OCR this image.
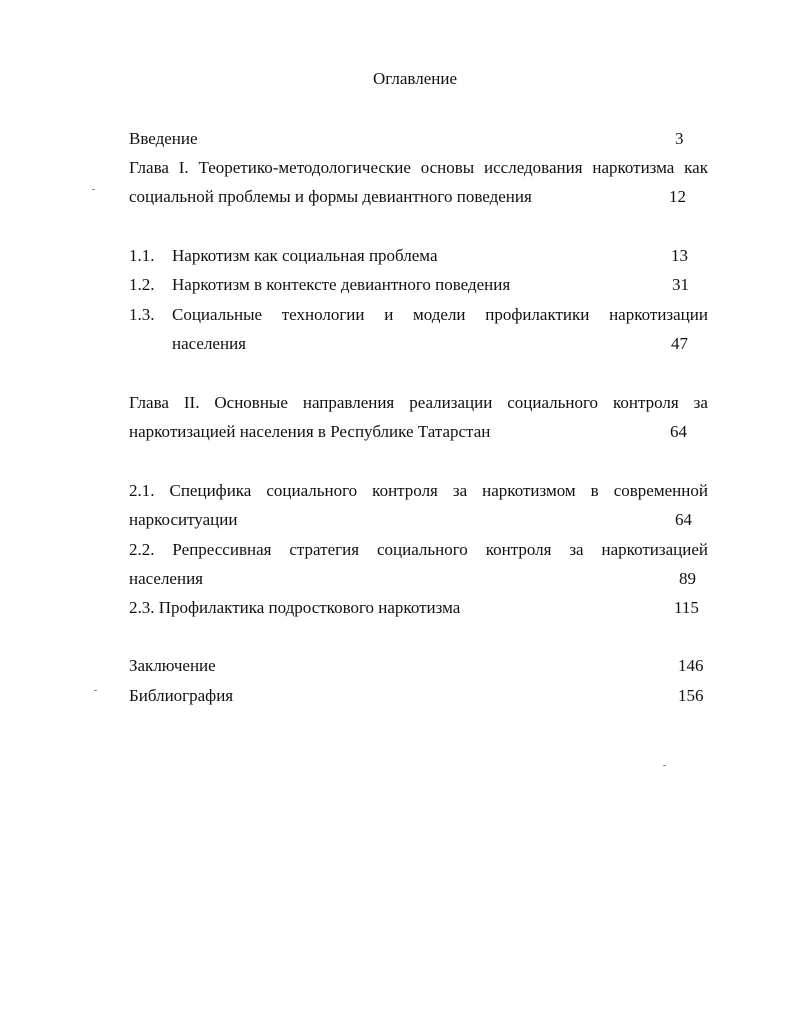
Оглавление
Введение	3
Глава I. Теоретико-методологические основы исследования наркотизма как
социальной проблемы и формы девиантного поведения	12
1.1. Наркотизм как социальная проблема	13
1.2. Наркотизм в контексте девиантного поведения	31
1.3. Социальные технологии и модели профилактики наркотизации
населения	47
Глава II. Основные направления реализации социального контроля за
наркотизацией населения в Республике Татарстан	64
2.1. Специфика социального контроля за наркотизмом в современной
наркоситуации	64
2.2. Репрессивная стратегия социального контроля за наркотизацией
населения	89
2.3. Профилактика подросткового наркотизма	115
Заключение	146
Библиография	156
